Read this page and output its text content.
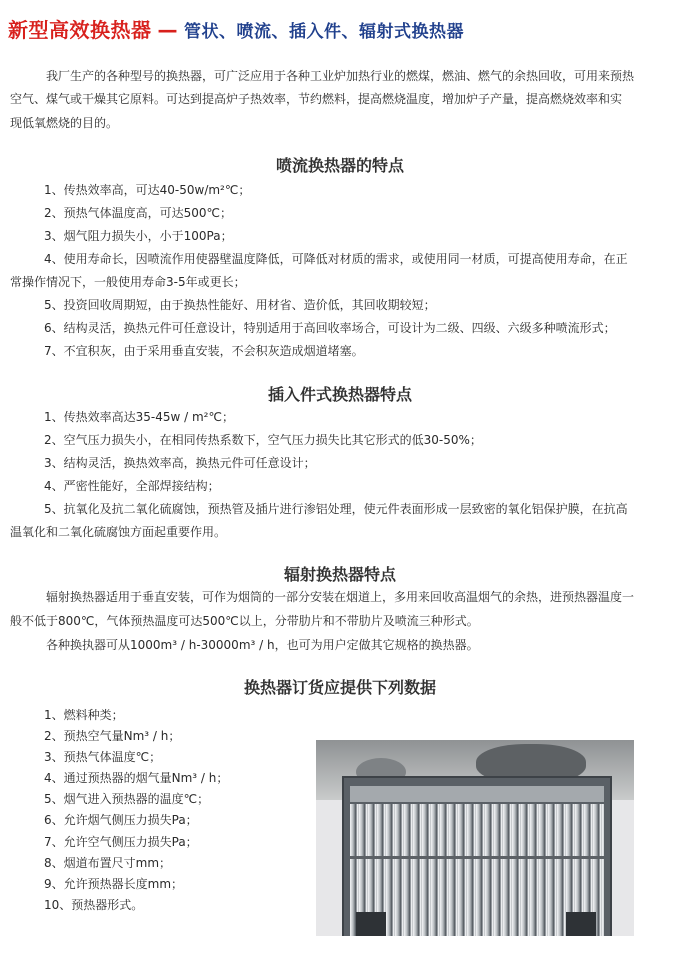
新型高效换热器 — 管状、喷流、插入件、辐射式换热器
我厂生产的各种型号的换热器，可广泛应用于各种工业炉加热行业的燃煤，燃油、燃气的余热回收，可用来预热
空气、煤气或干燥其它原料。可达到提高炉子热效率，节约燃料，提高燃烧温度，增加炉子产量，提高燃烧效率和实
现低氧燃烧的目的。
喷流换热器的特点
1、传热效率高，可达40-50w/m²℃；
2、预热气体温度高，可达500℃；
3、烟气阻力损失小，小于100Pa；
4、使用寿命长，因喷流作用使器壁温度降低，可降低对材质的需求，或使用同一材质，可提高使用寿命，在正
常操作情况下，一般使用寿命3-5年或更长；
5、投资回收周期短，由于换热性能好、用材省、造价低，其回收期较短；
6、结构灵活，换热元件可任意设计，特别适用于高回收率场合，可设计为二级、四级、六级多种喷流形式；
7、不宜积灰，由于采用垂直安装，不会积灰造成烟道堵塞。
插入件式换热器特点
1、传热效率高达35-45w / m²℃；
2、空气压力损失小，在相同传热系数下，空气压力损失比其它形式的低30-50%；
3、结构灵活，换热效率高，换热元件可任意设计；
4、严密性能好，全部焊接结构；
5、抗氧化及抗二氧化硫腐蚀，预热管及插片进行渗铝处理，使元件表面形成一层致密的氧化铝保护膜，在抗高
温氧化和二氧化硫腐蚀方面起重要作用。
辐射换热器特点
辐射换热器适用于垂直安装，可作为烟筒的一部分安装在烟道上，多用来回收高温烟气的余热，进预热器温度一
般不低于800℃，气体预热温度可达500℃以上，分带肋片和不带肋片及喷流三种形式。
各种换执器可从1000m³ / h-30000m³ / h，也可为用户定做其它规格的换热器。
换热器订货应提供下列数据
1、燃料种类；
2、预热空气量Nm³ / h；
3、预热气体温度℃；
4、通过预热器的烟气量Nm³ / h；
5、烟气进入预热器的温度℃；
6、允许烟气侧压力损失Pa；
7、允许空气侧压力损失Pa；
8、烟道布置尺寸mm；
9、允许预热器长度mm；
10、预热器形式。
